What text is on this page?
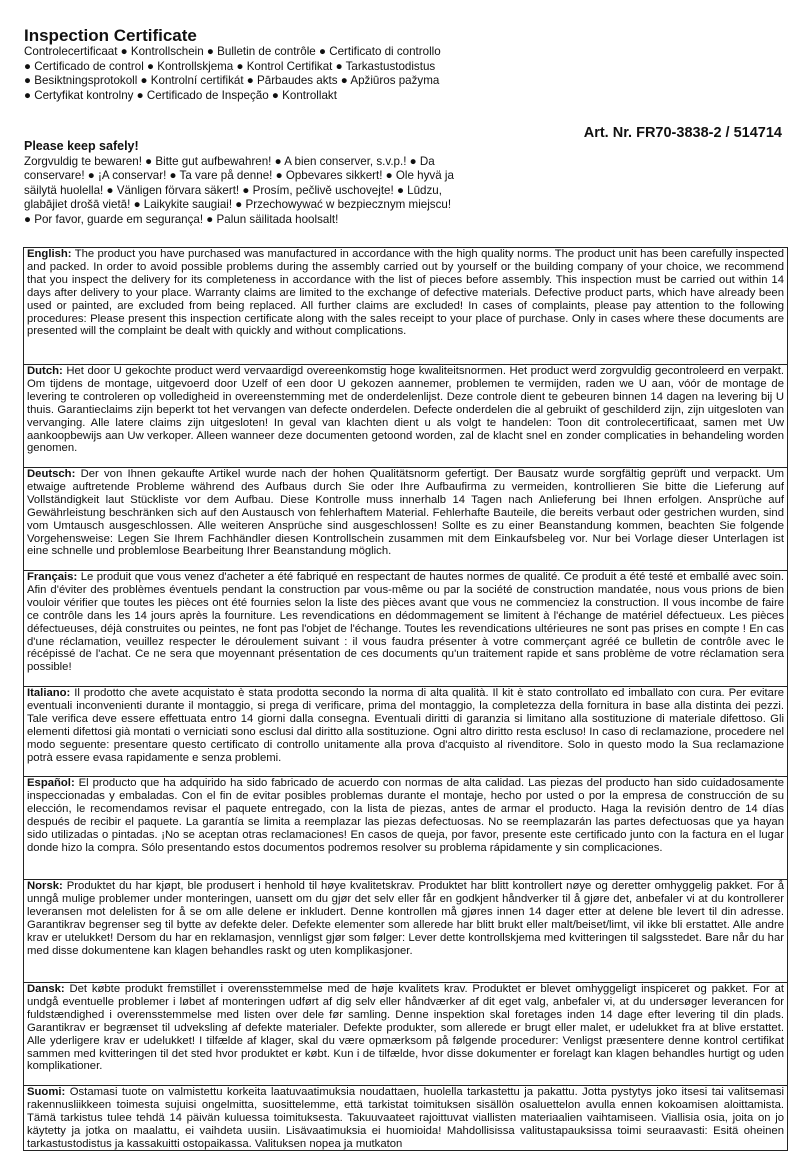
Inspection Certificate
Controlecertificaat ● Kontrollschein ● Bulletin de contrôle ● Certificato di controllo ● Certificado de control ● Kontrollskjema ● Kontrol Certifikat ● Tarkastustodistus ● Besiktningsprotokoll ● Kontrolní certifikát ● Pārbaudes akts ● Apžiūros pažyma ● Certyfikat kontrolny ● Certificado de Inspeção ● Kontrollakt
Art. Nr. FR70-3838-2 / 514714
Please keep safely!
Zorgvuldig te bewaren! ● Bitte gut aufbewahren! ● A bien conserver, s.v.p.! ● Da conservare! ● ¡A conservar! ● Ta vare på denne! ● Opbevares sikkert! ● Ole hyvä ja säilytä huolella! ● Vänligen förvara säkert! ● Prosím, pečlivě uschovejte! ● Lūdzu, glabājiet drošā vietā! ● Laikykite saugiai! ● Przechowywać w bezpiecznym miejscu! ● Por favor, guarde em segurança! ● Palun säilitada hoolsalt!
English: The product you have purchased was manufactured in accordance with the high quality norms. The product unit has been carefully inspected and packed. In order to avoid possible problems during the assembly carried out by yourself or the building company of your choice, we recommend that you inspect the delivery for its completeness in accordance with the list of pieces before assembly. This inspection must be carried out within 14 days after delivery to your place. Warranty claims are limited to the exchange of defective materials. Defective product parts, which have already been used or painted, are excluded from being replaced. All further claims are excluded! In cases of complaints, please pay attention to the following procedures: Please present this inspection certificate along with the sales receipt to your place of purchase. Only in cases where these documents are presented will the complaint be dealt with quickly and without complications.
Dutch: Het door U gekochte product werd vervaardigd overeenkomstig hoge kwaliteitsnormen. Het product werd zorgvuldig gecontroleerd en verpakt. Om tijdens de montage, uitgevoerd door Uzelf of een door U gekozen aannemer, problemen te vermijden, raden we U aan, vóór de montage de levering te controleren op volledigheid in overeenstemming met de onderdelenlijst. Deze controle dient te gebeuren binnen 14 dagen na levering bij U thuis. Garantieclaims zijn beperkt tot het vervangen van defecte onderdelen. Defecte onderdelen die al gebruikt of geschilderd zijn, zijn uitgesloten van vervanging. Alle latere claims zijn uitgesloten! In geval van klachten dient u als volgt te handelen: Toon dit controlecertificaat, samen met Uw aankoopbewijs aan Uw verkoper. Alleen wanneer deze documenten getoond worden, zal de klacht snel en zonder complicaties in behandeling worden genomen.
Deutsch: Der von Ihnen gekaufte Artikel wurde nach der hohen Qualitätsnorm gefertigt. Der Bausatz wurde sorgfältig geprüft und verpackt. Um etwaige auftretende Probleme während des Aufbaus durch Sie oder Ihre Aufbaufirma zu vermeiden, kontrollieren Sie bitte die Lieferung auf Vollständigkeit laut Stückliste vor dem Aufbau. Diese Kontrolle muss innerhalb 14 Tagen nach Anlieferung bei Ihnen erfolgen. Ansprüche auf Gewährleistung beschränken sich auf den Austausch von fehlerhaftem Material. Fehlerhafte Bauteile, die bereits verbaut oder gestrichen wurden, sind vom Umtausch ausgeschlossen. Alle weiteren Ansprüche sind ausgeschlossen! Sollte es zu einer Beanstandung kommen, beachten Sie folgende Vorgehensweise: Legen Sie Ihrem Fachhändler diesen Kontrollschein zusammen mit dem Einkaufsbeleg vor. Nur bei Vorlage dieser Unterlagen ist eine schnelle und problemlose Bearbeitung Ihrer Beanstandung möglich.
Français: Le produit que vous venez d'acheter a été fabriqué en respectant de hautes normes de qualité. Ce produit a été testé et emballé avec soin. Afin d'éviter des problèmes éventuels pendant la construction par vous-même ou par la société de construction mandatée, nous vous prions de bien vouloir vérifier que toutes les pièces ont été fournies selon la liste des pièces avant que vous ne commenciez la construction. Il vous incombe de faire ce contrôle dans les 14 jours après la fourniture. Les revendications en dédommagement se limitent à l'échange de matériel défectueux. Les pièces défectueuses, déjà construites ou peintes, ne font pas l'objet de l'échange. Toutes les revendications ultérieures ne sont pas prises en compte ! En cas d'une réclamation, veuillez respecter le déroulement suivant : il vous faudra présenter à votre commerçant agréé ce bulletin de contrôle avec le récépissé de l'achat. Ce ne sera que moyennant présentation de ces documents qu'un traitement rapide et sans problème de votre réclamation sera possible!
Italiano: Il prodotto che avete acquistato è stata prodotta secondo la norma di alta qualità. Il kit è stato controllato ed imballato con cura. Per evitare eventuali inconvenienti durante il montaggio, si prega di verificare, prima del montaggio, la completezza della fornitura in base alla distinta dei pezzi. Tale verifica deve essere effettuata entro 14 giorni dalla consegna. Eventuali diritti di garanzia si limitano alla sostituzione di materiale difettoso. Gli elementi difettosi già montati o verniciati sono esclusi dal diritto alla sostituzione. Ogni altro diritto resta escluso! In caso di reclamazione, procedere nel modo seguente: presentare questo certificato di controllo unitamente alla prova d'acquisto al rivenditore. Solo in questo modo la Sua reclamazione potrà essere evasa rapidamente e senza problemi.
Español: El producto que ha adquirido ha sido fabricado de acuerdo con normas de alta calidad. Las piezas del producto han sido cuidadosamente inspeccionadas y embaladas. Con el fin de evitar posibles problemas durante el montaje, hecho por usted o por la empresa de construcción de su elección, le recomendamos revisar el paquete entregado, con la lista de piezas, antes de armar el producto. Haga la revisión dentro de 14 días después de recibir el paquete. La garantía se limita a reemplazar las piezas defectuosas. No se reemplazarán las partes defectuosas que ya hayan sido utilizadas o pintadas. ¡No se aceptan otras reclamaciones! En casos de queja, por favor, presente este certificado junto con la factura en el lugar donde hizo la compra. Sólo presentando estos documentos podremos resolver su problema rápidamente y sin complicaciones.
Norsk: Produktet du har kjøpt, ble produsert i henhold til høye kvalitetskrav. Produktet har blitt kontrollert nøye og deretter omhyggelig pakket. For å unngå mulige problemer under monteringen, uansett om du gjør det selv eller får en godkjent håndverker til å gjøre det, anbefaler vi at du kontrollerer leveransen mot delelisten for å se om alle delene er inkludert. Denne kontrollen må gjøres innen 14 dager etter at delene ble levert til din adresse. Garantikrav begrenser seg til bytte av defekte deler. Defekte elementer som allerede har blitt brukt eller malt/beiset/limt, vil ikke bli erstattet. Alle andre krav er utelukket! Dersom du har en reklamasjon, vennligst gjør som følger: Lever dette kontrollskjema med kvitteringen til salgsstedet. Bare når du har med disse dokumentene kan klagen behandles raskt og uten komplikasjoner.
Dansk: Det købte produkt fremstillet i overensstemmelse med de høje kvalitets krav. Produktet er blevet omhyggeligt inspiceret og pakket. For at undgå eventuelle problemer i løbet af monteringen udført af dig selv eller håndværker af dit eget valg, anbefaler vi, at du undersøger leverancen for fuldstændighed i overensstemmelse med listen over dele før samling. Denne inspektion skal foretages inden 14 dage efter levering til din plads. Garantikrav er begrænset til udveksling af defekte materialer. Defekte produkter, som allerede er brugt eller malet, er udelukket fra at blive erstattet. Alle yderligere krav er udelukket! I tilfælde af klager, skal du være opmærksom på følgende procedurer: Venligst præsentere denne kontrol certifikat sammen med kvitteringen til det sted hvor produktet er købt. Kun i de tilfælde, hvor disse dokumenter er forelagt kan klagen behandles hurtigt og uden komplikationer.
Suomi: Ostamasi tuote on valmistettu korkeita laatuvaatimuksia noudattaen, huolella tarkastettu ja pakattu. Jotta pystytys joko itsesi tai valitsemasi rakennusliikkeen toimesta sujuisi ongelmitta, suosittelemme, että tarkistat toimituksen sisällön osaluettelon avulla ennen kokoamisen aloittamista. Tämä tarkistus tulee tehdä 14 päivän kuluessa toimituksesta. Takuuvaateet rajoittuvat viallisten materiaalien vaihtamiseen. Viallisia osia, joita on jo käytetty ja jotka on maalattu, ei vaihdeta uusiin. Lisävaatimuksia ei huomioida! Mahdollisissa valitustapauksissa toimi seuraavasti: Esitä oheinen tarkastustodistus ja kassakuitti ostopaikassa. Valituksen nopea ja mutkaton
